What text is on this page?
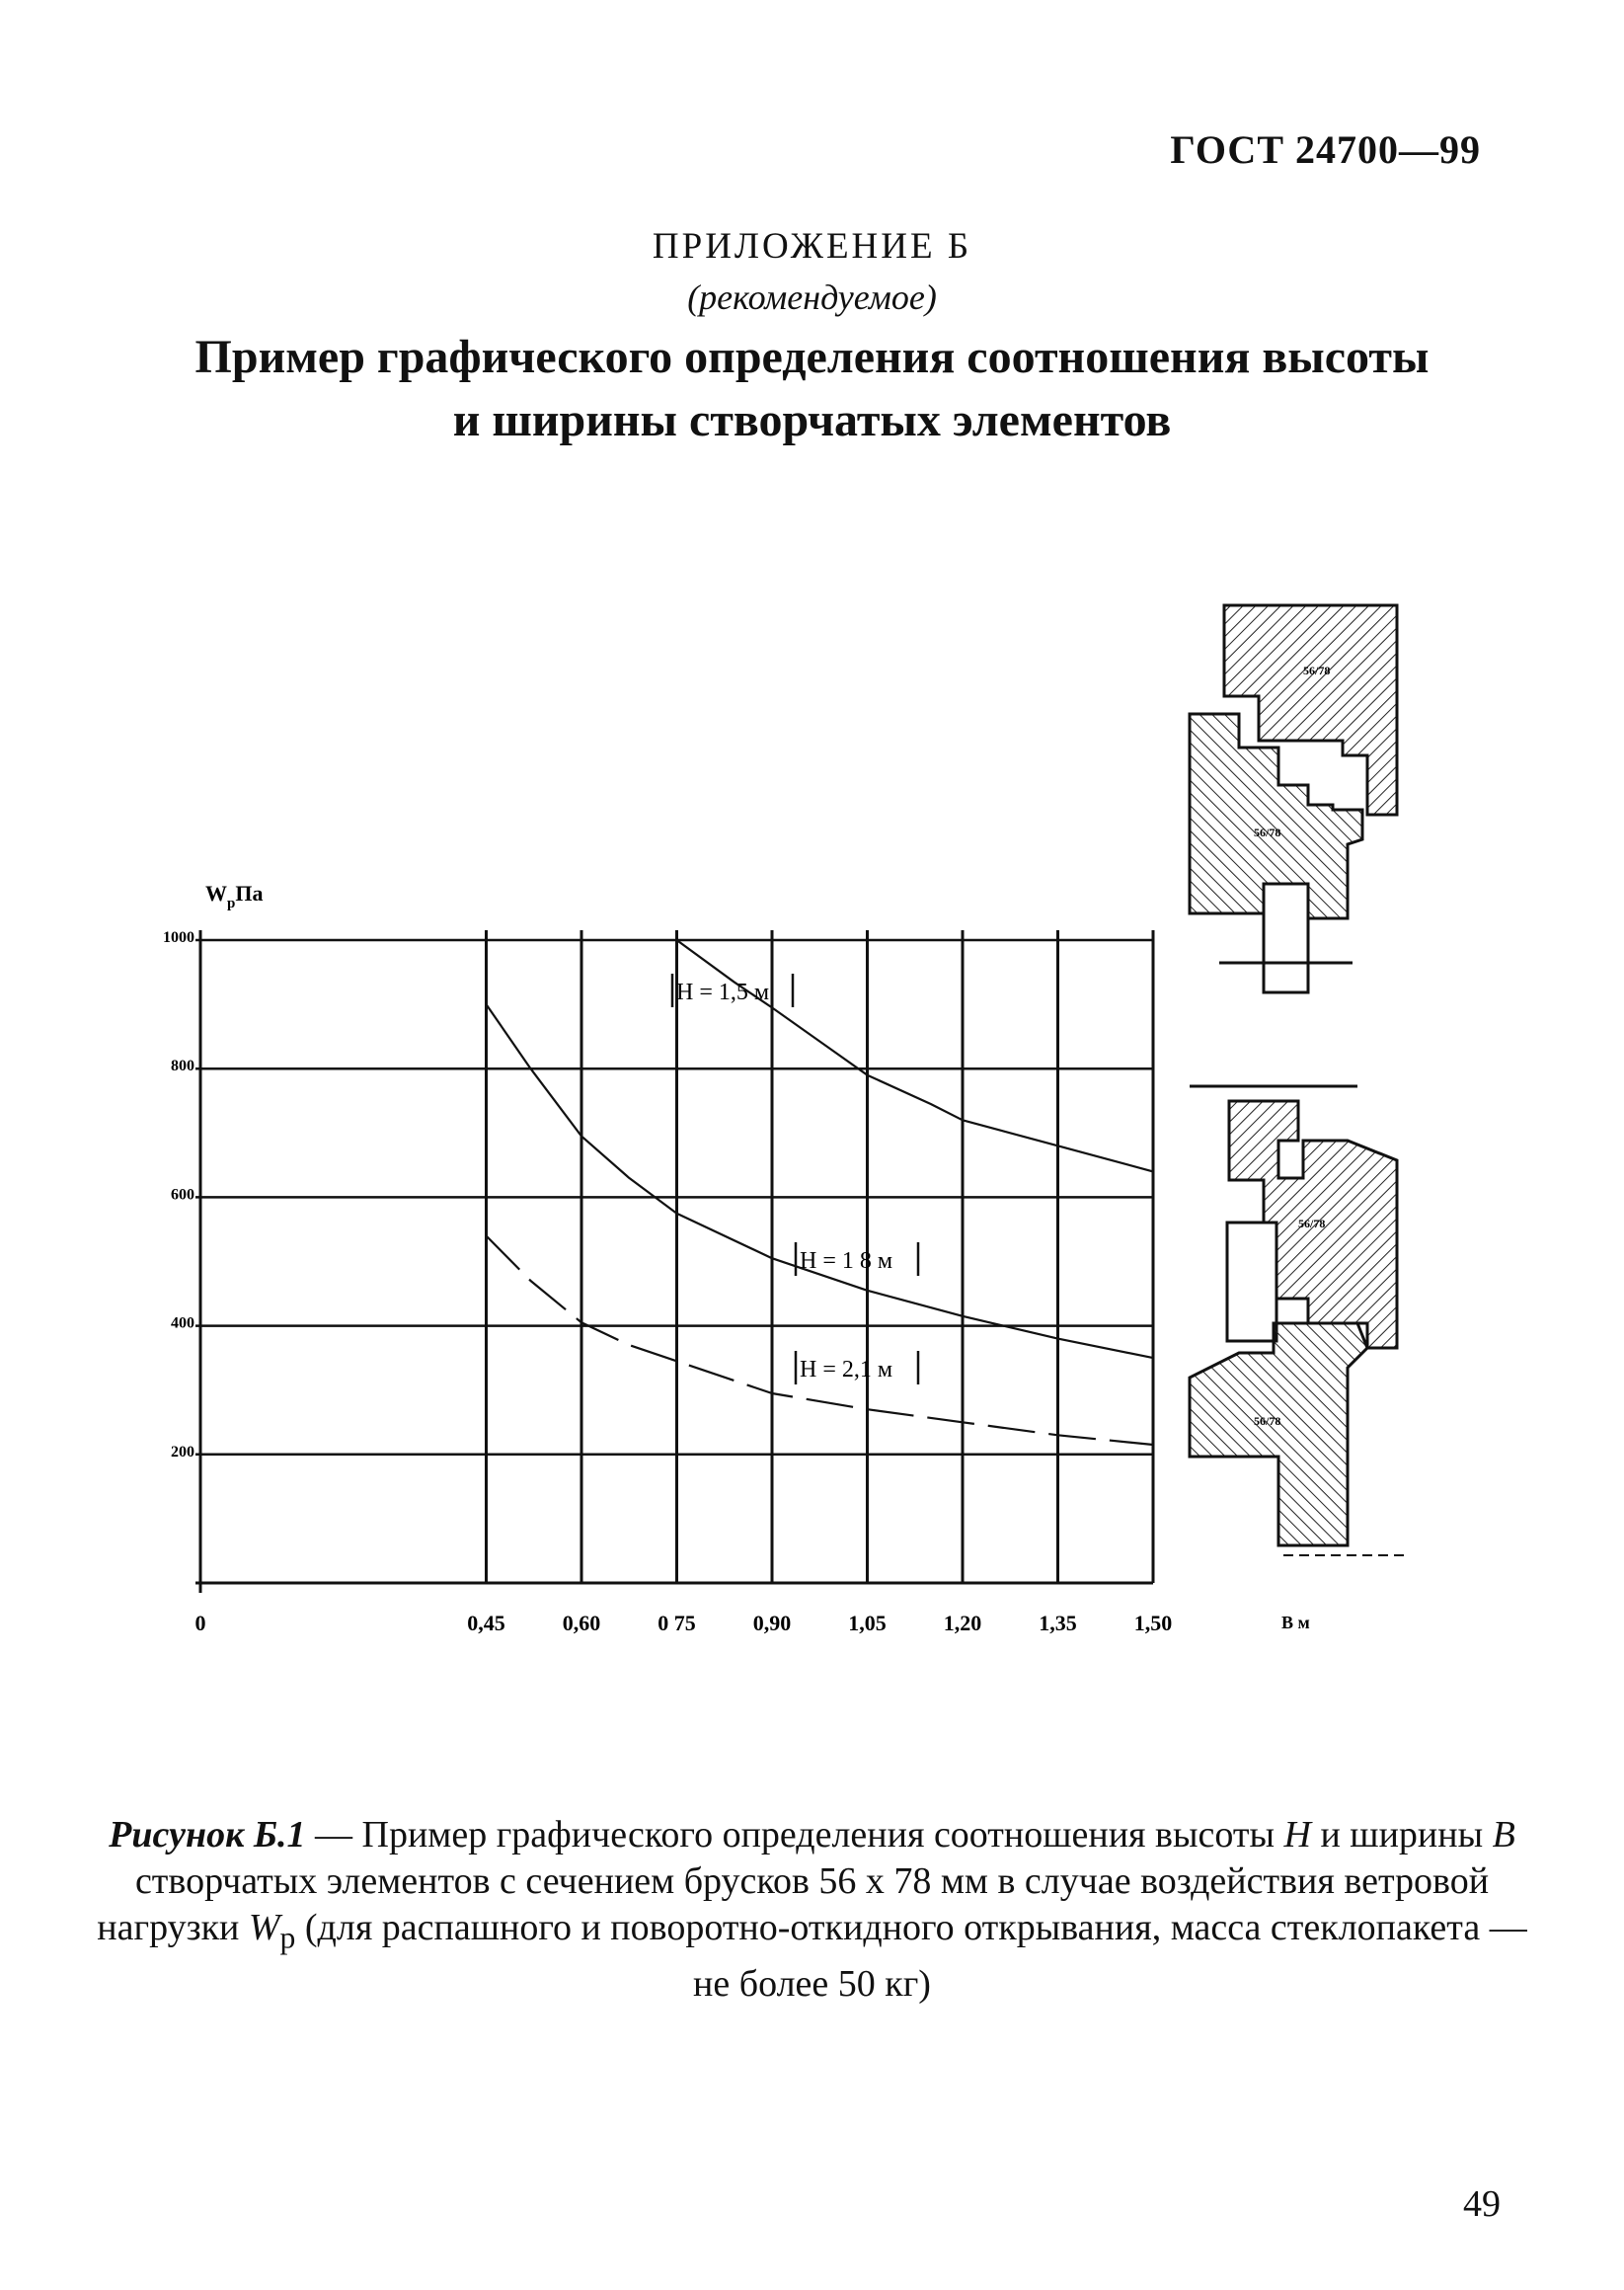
ГОСТ 24700—99
ПРИЛОЖЕНИЕ Б
(рекомендуемое)
Пример графического определения соотношения высоты
и ширины створчатых элементов
200
400
600
800
1000
0	0,45	0,60	0 75	0,90	1,05	1,20	1,35	1,50
$W_рПа$
В м
Н = 1,5 м
Н = 1 8 м
Н = 2,1 м
56/78
56/78
56/78
56/78
Рисунок Б.1 — Пример графического определения соотношения высоты Н и ширины В створчатых элементов с сечением брусков 56 х 78 мм в случае воздействия ветровой нагрузки $W_р$ (для распашного и поворотно-откидного открывания, масса стеклопакета — не более 50 кг)
49
